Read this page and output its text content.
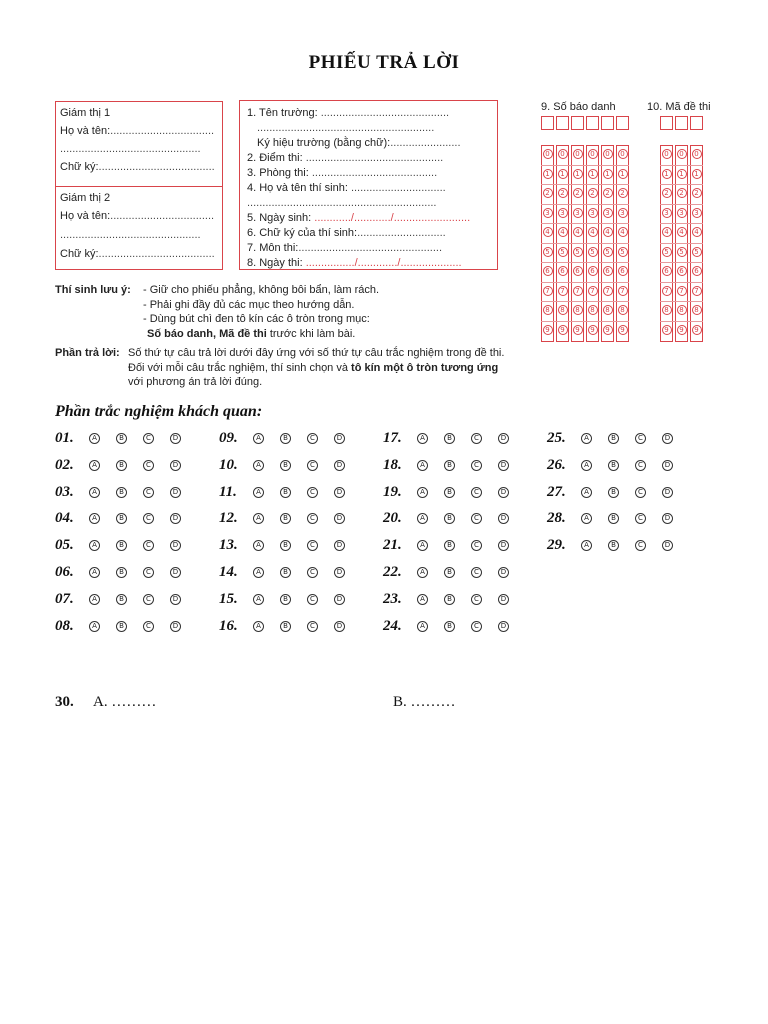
PHIẾU TRẢ LỜI
Giám thị 1
Họ và tên:..................................
..............................................
Chữ ký:......................................
Giám thị 2
Họ và tên:..................................
..............................................
Chữ ký:......................................
1. Tên trường: ..........................................
..........................................................
Ký hiệu trường (bằng chữ):.......................
2. Điểm thi: .............................................
3. Phòng thi: .........................................
4. Họ và tên thí sinh: ...............................
..............................................................
5. Ngày sinh: ............/............/.........................
6. Chữ ký của thí sinh:.............................
7. Môn thi:...............................................
8. Ngày thi: ................/............./....................
9. Số báo danh	10. Mã đề thi
0	0	0	0	0	0
1	1	1	1	1	1
2	2	2	2	2	2
3	3	3	3	3	3
4	4	4	4	4	4
5	5	5	5	5	5
6	6	6	6	6	6
7	7	7	7	7	7
8	8	8	8	8	8
9	9	9	9	9	9
0	0	0
1	1	1
2	2	2
3	3	3
4	4	4
5	5	5
6	6	6
7	7	7
8	8	8
9	9	9
Thí sinh lưu ý: - Giữ cho phiếu phẳng, không bôi bẩn, làm rách.
- Phải ghi đầy đủ các mục theo hướng dẫn.
- Dùng bút chì đen tô kín các ô tròn trong mục:
Số báo danh, Mã đề thi trước khi làm bài.
Phần trả lời: Số thứ tự câu trả lời dưới đây ứng với số thứ tự câu trắc nghiệm trong đề thi.
Đối với mỗi câu trắc nghiệm, thí sinh chọn và tô kín một ô tròn tương ứng
với phương án trả lời đúng.
Phần trắc nghiệm khách quan:
01.	A	B	C	D
02.	A	B	C	D
03.	A	B	C	D
04.	A	B	C	D
05.	A	B	C	D
06.	A	B	C	D
07.	A	B	C	D
08.	A	B	C	D
09.	A	B	C	D
10.	A	B	C	D
11.	A	B	C	D
12.	A	B	C	D
13.	A	B	C	D
14.	A	B	C	D
15.	A	B	C	D
16.	A	B	C	D
17.	A	B	C	D
18.	A	B	C	D
19.	A	B	C	D
20.	A	B	C	D
21.	A	B	C	D
22.	A	B	C	D
23.	A	B	C	D
24.	A	B	C	D
25.	A	B	C	D
26.	A	B	C	D
27.	A	B	C	D
28.	A	B	C	D
29.	A	B	C	D
30. A. ………	B. ………
